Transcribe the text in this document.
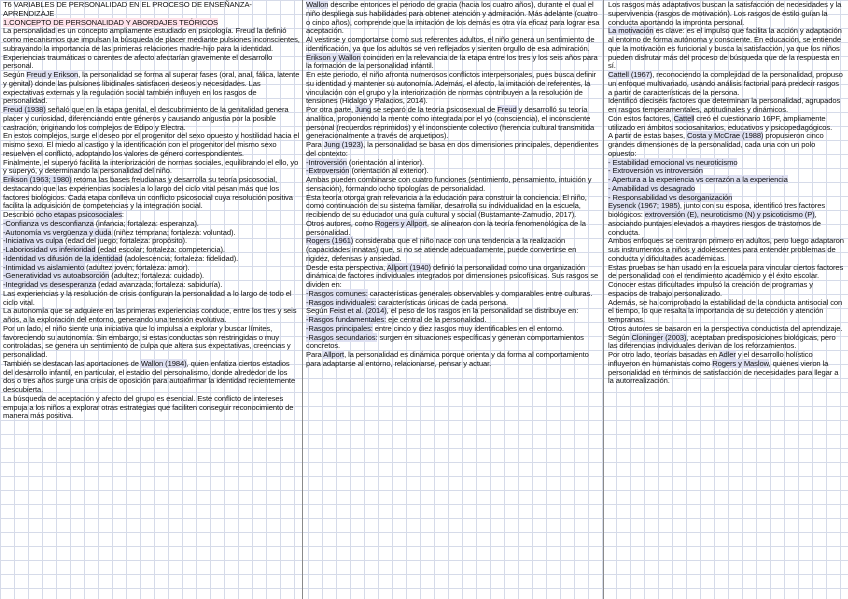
T6 VARIABLES DE PERSONALIDAD EN EL PROCESO DE ENSEÑANZA-APRENDIZAJE
1.CONCEPTO DE PERSONALIDAD Y ABORDAJES TEÓRICOS
La personalidad es un concepto ampliamente estudiado en psicología. Freud la definió como mecanismos que impulsan la búsqueda de placer mediante pulsiones inconscientes, subrayando la importancia de las primeras relaciones madre-hijo para la identidad. Experiencias traumáticas o carentes de afecto afectarían gravemente el desarrollo personal.
Según Freud y Erikson, la personalidad se forma al superar fases (oral, anal, fálica, latente y genital) donde las pulsiones libidinales satisfacen deseos y necesidades. Las expectativas externas y la regulación social también influyen en los rasgos de personalidad.
Freud (1938) señaló que en la etapa genital, el descubrimiento de la genitalidad genera placer y curiosidad, diferenciando entre géneros y causando angustia por la posible castración, originando los complejos de Edipo y Electra.
En estos complejos, surge el deseo por el progenitor del sexo opuesto y hostilidad hacia el mismo sexo. El miedo al castigo y la identificación con el progenitor del mismo sexo resuelven el conflicto, adoptando los valores de género correspondientes.
Finalmente, el superyó facilita la interiorización de normas sociales, equilibrando el ello, yo y superyó, y determinando la personalidad del niño.
Erikson (1963; 1980) retoma las bases freudianas y desarrolla su teoría psicosocial, destacando que las experiencias sociales a lo largo del ciclo vital pesan más que los factores biológicos. Cada etapa conlleva un conflicto psicosocial cuya resolución positiva facilita la adquisición de competencias y la integración social.
Describió ocho etapas psicosociales:
-Confianza vs desconfianza (infancia; fortaleza: esperanza).
-Autonomía vs vergüenza y duda (niñez temprana; fortaleza: voluntad).
-Iniciativa vs culpa (edad del juego; fortaleza: propósito).
-Laboriosidad vs inferioridad (edad escolar; fortaleza: competencia).
-Identidad vs difusión de la identidad (adolescencia; fortaleza: fidelidad).
-Intimidad vs aislamiento (adultez joven; fortaleza: amor).
-Generatividad vs autoabsorción (adultez; fortaleza: cuidado).
-Integridad vs desesperanza (edad avanzada; fortaleza: sabiduría).
Las experiencias y la resolución de crisis configuran la personalidad a lo largo de todo el ciclo vital.
La autonomía que se adquiere en las primeras experiencias conduce, entre los tres y seis años, a la exploración del entorno, generando una tensión evolutiva.
Por un lado, el niño siente una iniciativa que lo impulsa a explorar y buscar límites, favoreciendo su autonomía. Sin embargo, si estas conductas son restringidas o muy controladas, se genera un sentimiento de culpa que altera sus expectativas, creencias y personalidad.
También se destacan las aportaciones de Wallon (1984), quien enfatiza ciertos estadios del desarrollo infantil, en particular, el estadio del personalismo, donde alrededor de los dos o tres años surge una crisis de oposición para autoafirmar la identidad recientemente descubierta.
La búsqueda de aceptación y afecto del grupo es esencial. Este conflicto de intereses empuja a los niños a explorar otras estrategias que faciliten conseguir reconocimiento de manera más positiva.
Wallon describe entonces el periodo de gracia (hacia los cuatro años), durante el cual el niño despliega sus habilidades para obtener atención y admiración. Más adelante (cuatro o cinco años), comprende que la imitación de los demás es otra vía eficaz para lograr esa aceptación.
Al vestirse y comportarse como sus referentes adultos, el niño genera un sentimiento de identificación, ya que los adultos se ven reflejados y sienten orgullo de esa admiración.
Erikson y Wallon coinciden en la relevancia de la etapa entre los tres y los seis años para la formación de la personalidad infantil.
En este periodo, el niño afronta numerosos conflictos interpersonales, pues busca definir su identidad y mantener su autonomía. Además, el afecto, la imitación de referentes, la vinculación con el grupo y la interiorización de normas contribuyen a la resolución de tensiones (Hidalgo y Palacios, 2014).
Por otra parte, Jung se separó de la teoría psicosexual de Freud y desarrolló su teoría analítica, proponiendo la mente como integrada por el yo (consciencia), el inconsciente personal (recuerdos reprimidos) y el inconsciente colectivo (herencia cultural transmitida generacionalmente a través de arquetipos).
Para Jung (1923), la personalidad se basa en dos dimensiones principales, dependientes del contexto:
-Introversión (orientación al interior).
-Extroversión (orientación al exterior).
Ambas pueden combinarse con cuatro funciones (sentimiento, pensamiento, intuición y sensación), formando ocho tipologías de personalidad.
Esta teoría otorga gran relevancia a la educación para construir la conciencia. El niño, como continuación de su sistema familiar, desarrolla su individualidad en la escuela, recibiendo de su educador una guía cultural y social (Bustamante-Zamudio, 2017).
Otros autores, como Rogers y Allport, se alinearon con la teoría fenomenológica de la personalidad.
Rogers (1961) consideraba que el niño nace con una tendencia a la realización (capacidades innatas) que, si no se atiende adecuadamente, puede convertirse en rigidez, defensas y ansiedad.
Desde esta perspectiva, Allport (1940) definió la personalidad como una organización dinámica de factores individuales integrados por dimensiones psicofísicas. Sus rasgos se dividen en:
-Rasgos comunes: características generales observables y comparables entre culturas.
-Rasgos individuales: características únicas de cada persona.
Según Feist et al. (2014), el peso de los rasgos en la personalidad se distribuye en:
-Rasgos fundamentales: eje central de la personalidad.
-Rasgos principales: entre cinco y diez rasgos muy identificables en el entorno.
-Rasgos secundarios: surgen en situaciones específicas y generan comportamientos concretos.
Para Allport, la personalidad es dinámica porque orienta y da forma al comportamiento para adaptarse al entorno, relacionarse, pensar y actuar.
Los rasgos más adaptativos buscan la satisfacción de necesidades y la supervivencia (rasgos de motivación). Los rasgos de estilo guían la conducta aportando la impronta personal.
La motivación es clave: es el impulso que facilita la acción y adaptación al entorno de forma autónoma y consciente. En educación, se entiende que la motivación es funcional y busca la satisfacción, ya que los niños pueden disfrutar más del proceso de búsqueda que de la respuesta en sí.
Cattell (1967), reconociendo la complejidad de la personalidad, propuso un enfoque multivariado, usando análisis factorial para predecir rasgos a partir de características de la persona.
Identificó dieciséis factores que determinan la personalidad, agrupados en rasgos temperamentales, aptitudinales y dinámicos.
Con estos factores, Cattell creó el cuestionario 16PF, ampliamente utilizado en ámbitos sociosanitarios, educativos y psicopedagógicos.
A partir de estas bases, Costa y McCrae (1988) propusieron cinco grandes dimensiones de la personalidad, cada una con un polo opuesto:
- Estabilidad emocional vs neuroticismo
- Extroversión vs introversión
- Apertura a la experiencia vs cerrazón a la experiencia
- Amabilidad vs desagrado
- Responsabilidad vs desorganización
Eysenck (1967; 1985), junto con su esposa, identificó tres factores biológicos: extroversión (E), neuroticismo (N) y psicoticismo (P), asociando puntajes elevados a mayores riesgos de trastornos de conducta.
Ambos enfoques se centraron primero en adultos, pero luego adaptaron sus instrumentos a niños y adolescentes para entender problemas de conducta y dificultades académicas.
Estas pruebas se han usado en la escuela para vincular ciertos factores de personalidad con el rendimiento académico y el éxito escolar.
Conocer estas dificultades impulsó la creación de programas y espacios de trabajo personalizado.
Además, se ha comprobado la estabilidad de la conducta antisocial con el tiempo, lo que resalta la importancia de su detección y atención tempranas.
Otros autores se basaron en la perspectiva conductista del aprendizaje. Según Cloninger (2003), aceptaban predisposiciones biológicas, pero las diferencias individuales derivan de los reforzamientos.
Por otro lado, teorías basadas en Adler y el desarrollo holístico influyeron en humanistas como Rogers y Maslow, quienes vieron la personalidad en términos de satisfacción de necesidades para llegar a la autorrealización.
